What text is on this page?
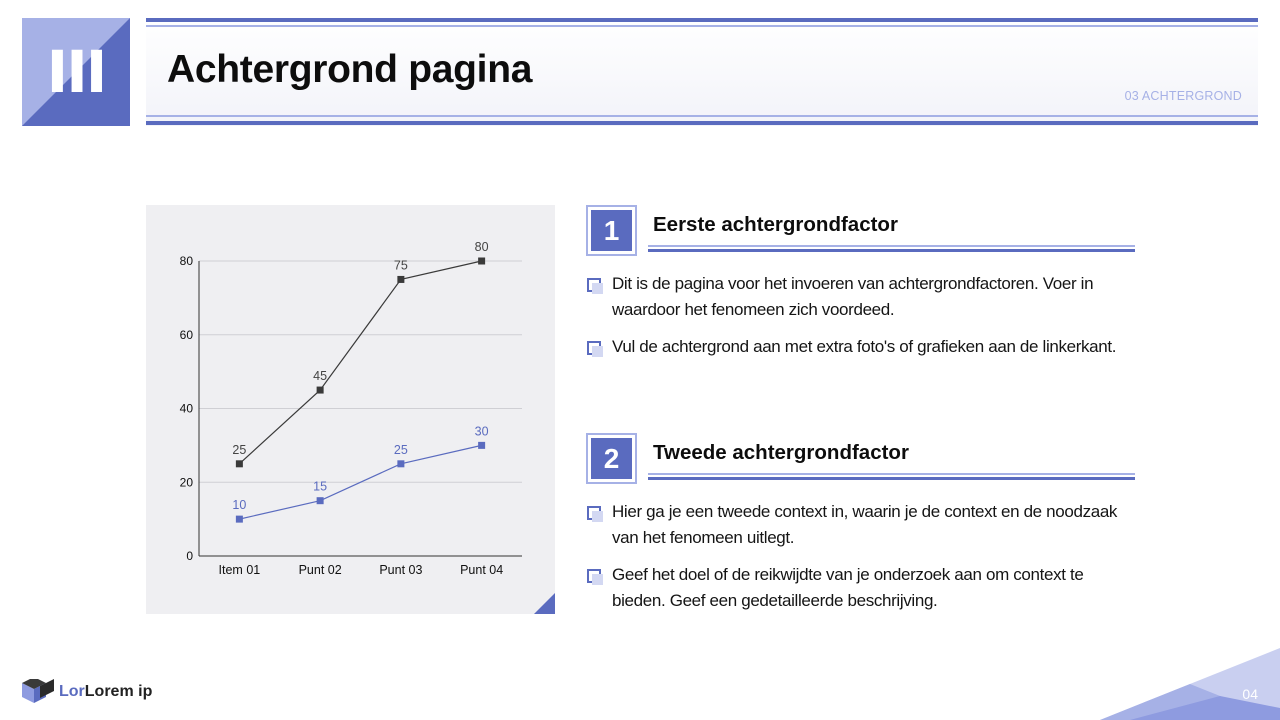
III	Achtergrond pagina
03 ACHTERGROND
0
20
40
60
80
Item 01	Punt 02	Punt 03	Punt 04
25
45
75
80
10
15
25
30
1	Eerste achtergrondfactor
Dit is de pagina voor het invoeren van achtergrondfactoren. Voer in waardoor het fenomeen zich voordeed.
Vul de achtergrond aan met extra foto's of grafieken aan de linkerkant.
2	Tweede achtergrondfactor
Hier ga je een tweede context in, waarin je de context en de noodzaak van het fenomeen uitlegt.
Geef het doel of de reikwijdte van je onderzoek aan om context te bieden. Geef een gedetailleerde beschrijving.
LorLorem ip	04
